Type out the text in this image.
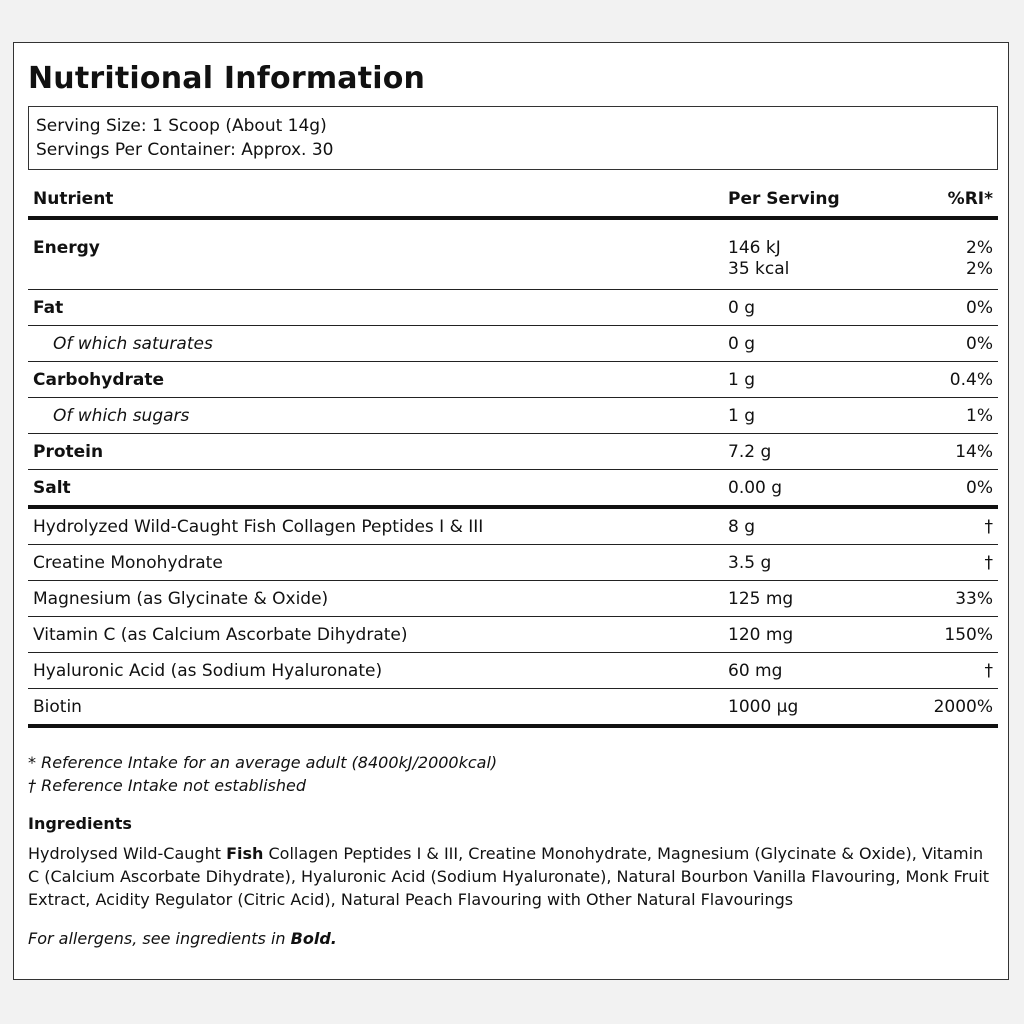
Nutritional Information
Serving Size: 1 Scoop (About 14g)
Servings Per Container: Approx. 30
Nutrient	Per Serving	%RI*
Energy	146 kJ	2%
35 kcal	2%
Fat	0 g	0%
Of which saturates	0 g	0%
Carbohydrate	1 g	0.4%
Of which sugars	1 g	1%
Protein	7.2 g	14%
Salt	0.00 g	0%
Hydrolyzed Wild-Caught Fish Collagen Peptides I & III	8 g	†
Creatine Monohydrate	3.5 g	†
Magnesium (as Glycinate & Oxide)	125 mg	33%
Vitamin C (as Calcium Ascorbate Dihydrate)	120 mg	150%
Hyaluronic Acid (as Sodium Hyaluronate)	60 mg	†
Biotin	1000 µg	2000%
* Reference Intake for an average adult (8400kJ/2000kcal)
† Reference Intake not established
Ingredients
Hydrolysed Wild-Caught Fish Collagen Peptides I & III, Creatine Monohydrate, Magnesium (Glycinate & Oxide), Vitamin C (Calcium Ascorbate Dihydrate), Hyaluronic Acid (Sodium Hyaluronate), Natural Bourbon Vanilla Flavouring, Monk Fruit Extract, Acidity Regulator (Citric Acid), Natural Peach Flavouring with Other Natural Flavourings
For allergens, see ingredients in Bold.
